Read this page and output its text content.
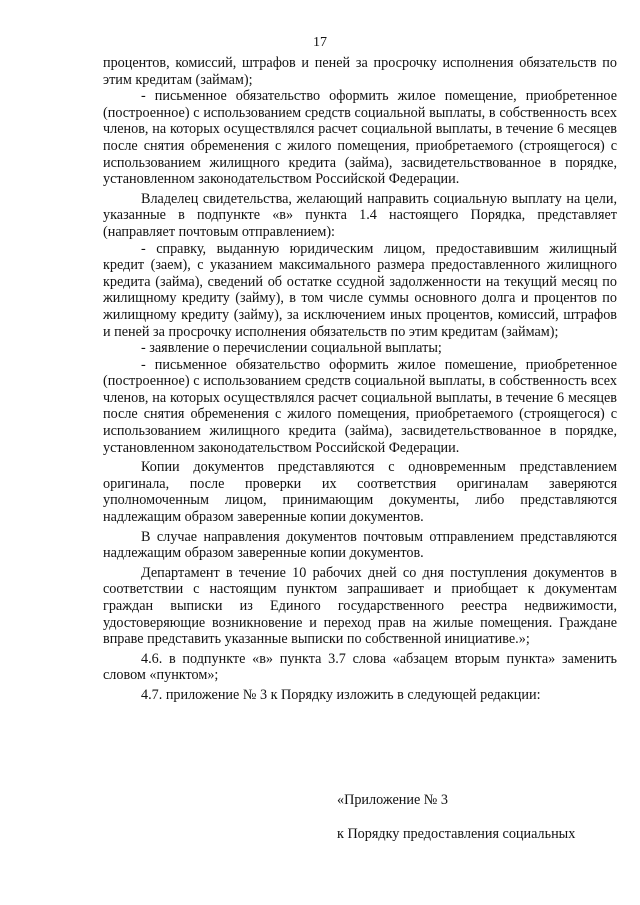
17

процентов, комиссий, штрафов и пеней за просрочку исполнения обязательств по этим кредитам (займам);

- письменное обязательство оформить жилое помещение, приобретенное (построенное) с использованием средств социальной выплаты, в собственность всех членов, на которых осуществлялся расчет социальной выплаты, в течение 6 месяцев после снятия обременения с жилого помещения, приобретаемого (строящегося) с использованием жилищного кредита (займа), засвидетельствованное в порядке, установленном законодательством Российской Федерации.

Владелец свидетельства, желающий направить социальную выплату на цели, указанные в подпункте «в» пункта 1.4 настоящего Порядка, представляет (направляет почтовым отправлением):

- справку, выданную юридическим лицом, предоставившим жилищный кредит (заем), с указанием максимального размера предоставленного жилищного кредита (займа), сведений об остатке ссудной задолженности на текущий месяц по жилищному кредиту (займу), в том числе суммы основного долга и процентов по жилищному кредиту (займу), за исключением иных процентов, комиссий, штрафов и пеней за просрочку исполнения обязательств по этим кредитам (займам);

- заявление о перечислении социальной выплаты;

- письменное обязательство оформить жилое помешение, приобретенное (построенное) с использованием средств социальной выплаты, в собственность всех членов, на которых осуществлялся расчет социальной выплаты, в течение 6 месяцев после снятия обременения с жилого помещения, приобретаемого (строящегося) с использованием жилищного кредита (займа), засвидетельствованное в порядке, установленном законодательством Российской Федерации.

Копии документов представляются с одновременным представлением оригинала, после проверки их соответствия оригиналам заверяются уполномоченным лицом, принимающим документы, либо представляются надлежащим образом заверенные копии документов.

В случае направления документов почтовым отправлением представляются надлежащим образом заверенные копии документов.

Департамент в течение 10 рабочих дней со дня поступления документов в соответствии с настоящим пунктом запрашивает и приобщает к документам граждан выписки из Единого государственного реестра недвижимости, удостоверяющие возникновение и переход прав на жилые помещения. Граждане вправе представить указанные выписки по собственной инициативе.»;

4.6. в подпункте «в» пункта 3.7 слова «абзацем вторым пункта» заменить словом «пунктом»;

4.7. приложение № 3 к Порядку изложить в следующей редакции:

«Приложение № 3
к Порядку предоставления социальных
